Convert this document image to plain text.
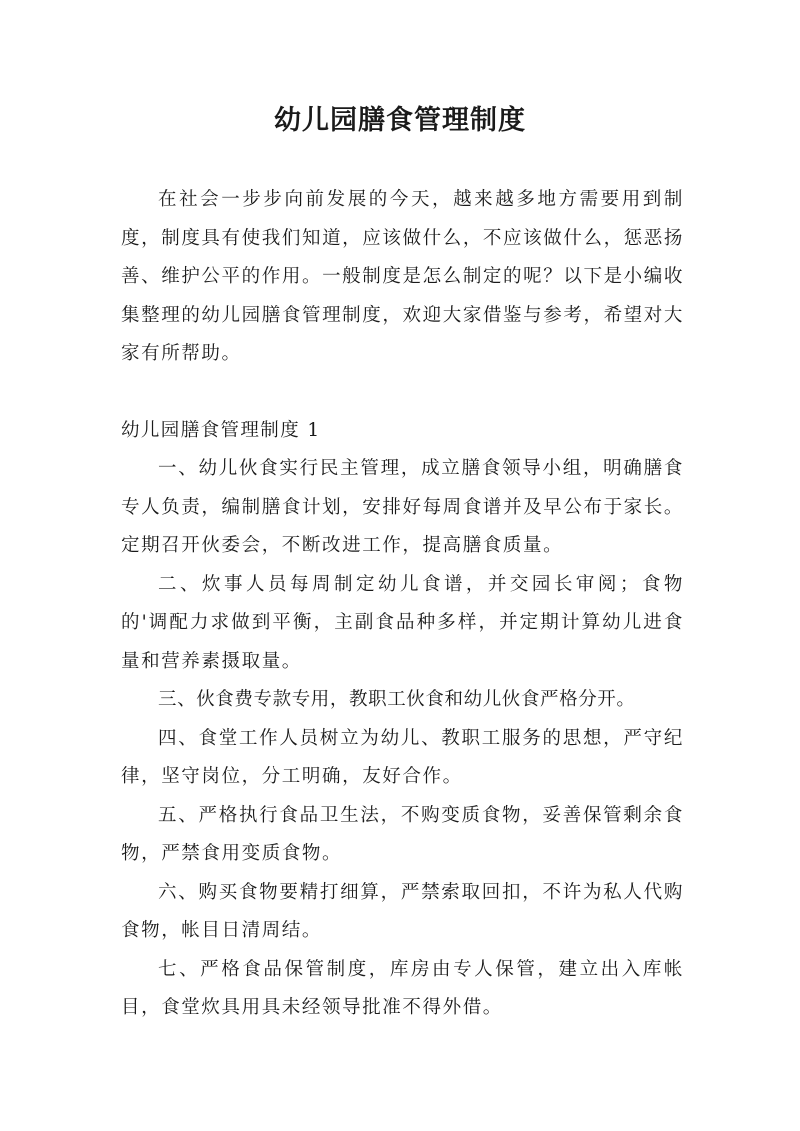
幼儿园膳食管理制度

在社会一步步向前发展的今天，越来越多地方需要用到制度，制度具有使我们知道，应该做什么，不应该做什么，惩恶扬善、维护公平的作用。一般制度是怎么制定的呢？以下是小编收集整理的幼儿园膳食管理制度，欢迎大家借鉴与参考，希望对大家有所帮助。

幼儿园膳食管理制度 1

一、幼儿伙食实行民主管理，成立膳食领导小组，明确膳食专人负责，编制膳食计划，安排好每周食谱并及早公布于家长。定期召开伙委会，不断改进工作，提高膳食质量。

二、炊事人员每周制定幼儿食谱，并交园长审阅；食物的'调配力求做到平衡，主副食品种多样，并定期计算幼儿进食量和营养素摄取量。

三、伙食费专款专用，教职工伙食和幼儿伙食严格分开。

四、食堂工作人员树立为幼儿、教职工服务的思想，严守纪律，坚守岗位，分工明确，友好合作。

五、严格执行食品卫生法，不购变质食物，妥善保管剩余食物，严禁食用变质食物。

六、购买食物要精打细算，严禁索取回扣，不许为私人代购食物，帐目日清周结。

七、严格食品保管制度，库房由专人保管，建立出入库帐目，食堂炊具用具未经领导批准不得外借。
